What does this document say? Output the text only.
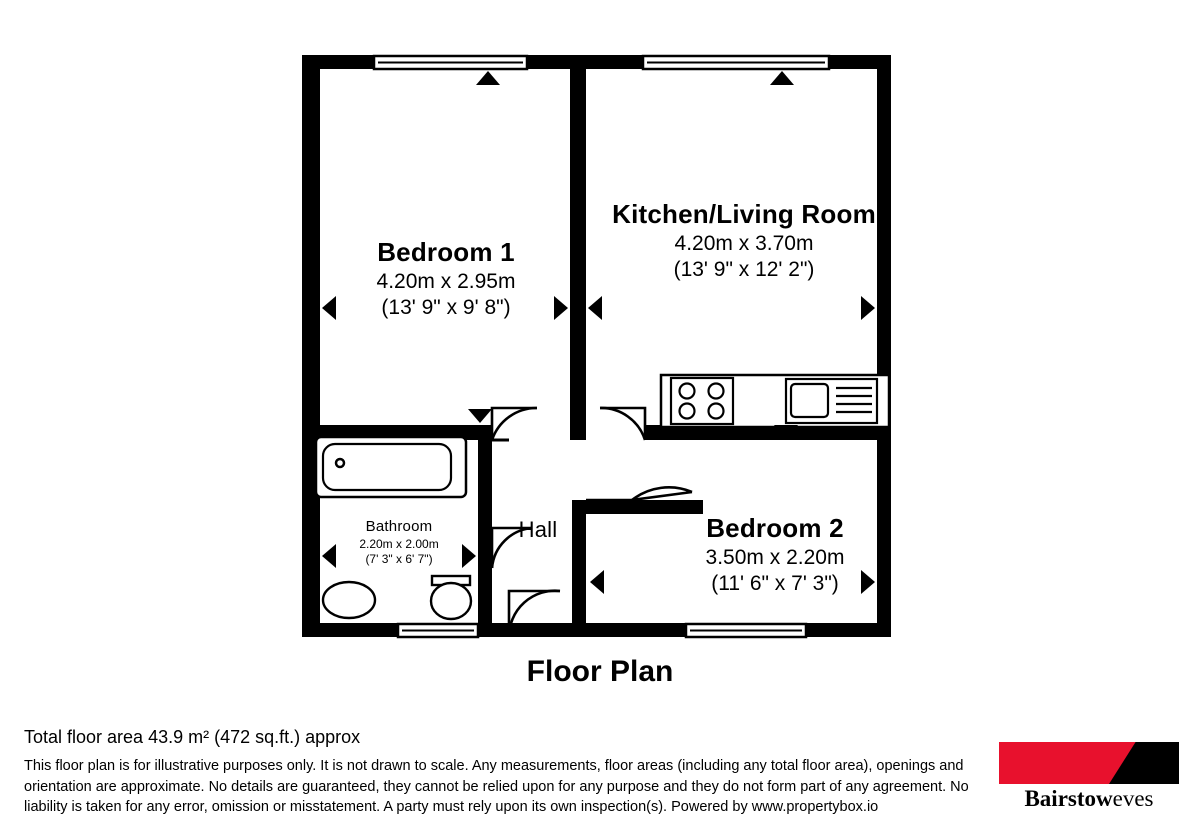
Bedroom 1
4.20m x 2.95m
(13' 9" x 9' 8")
Kitchen/Living Room
4.20m x 3.70m
(13' 9" x 12' 2")
Bathroom
2.20m x 2.00m
(7' 3" x 6' 7")
Hall	Bedroom 2
3.50m x 2.20m
(11' 6" x 7' 3")
Floor Plan
Total floor area 43.9 m² (472 sq.ft.) approx
This floor plan is for illustrative purposes only. It is not drawn to scale. Any measurements, floor areas (including any total floor area), openings and orientation are approximate. No details are guaranteed, they cannot be relied upon for any purpose and they do not form part of any agreement. No liability is taken for any error, omission or misstatement. A party must rely upon its own inspection(s). Powered by www.propertybox.io	Bairstoweves
